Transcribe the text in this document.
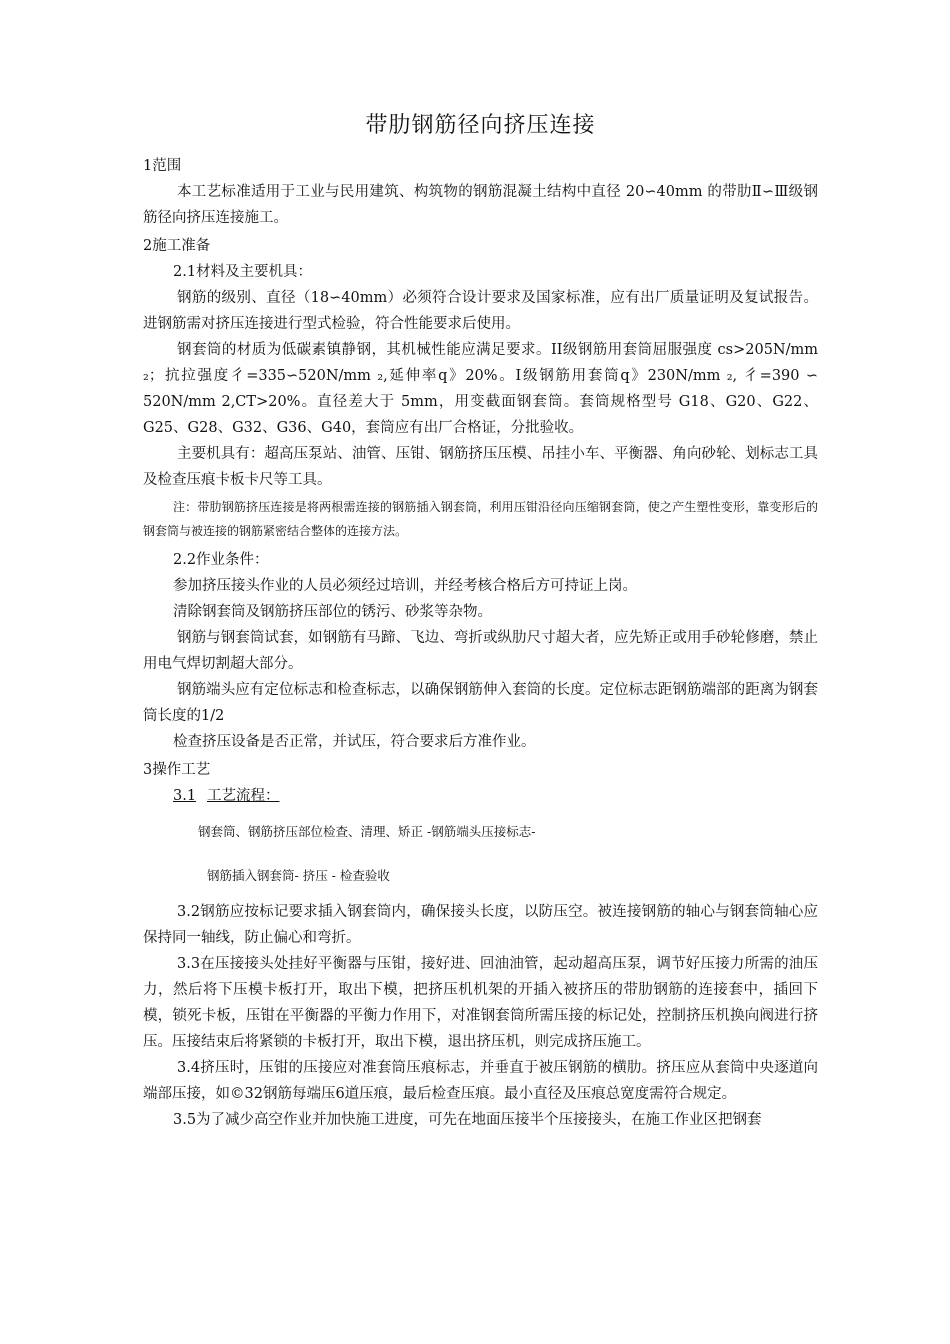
带肋钢筋径向挤压连接

1范围

本工艺标准适用于工业与民用建筑、构筑物的钢筋混凝土结构中直径 20∽40mm 的带肋Ⅱ∽Ⅲ级钢筋径向挤压连接施工。

2施工准备

2.1材料及主要机具：

钢筋的级别、直径（18∽40mm）必须符合设计要求及国家标准，应有出厂质量证明及复试报告。进钢筋需对挤压连接进行型式检验，符合性能要求后使用。

钢套筒的材质为低碳素镇静钢，其机械性能应满足要求。II级钢筋用套筒屈服强度 cs>205N/mm ₂；抗拉强度彳=335∽520N/mm ₂,延伸率q》20%。I级钢筋用套筒q》230N/mm ₂, 彳=390 ∽ 520N/mm 2,CT>20%。直径差大于 5mm，用变截面钢套筒。套筒规格型号 G18、G20、G22、G25、G28、G32、G36、G40，套筒应有出厂合格证，分批验收。

主要机具有：超高压泵站、油管、压钳、钢筋挤压压模、吊挂小车、平衡器、角向砂轮、划标志工具及检查压痕卡板卡尺等工具。

注：带肋钢筋挤压连接是将两根需连接的钢筋插入钢套筒，利用压钳沿径向压缩钢套筒，使之产生塑性变形，靠变形后的钢套筒与被连接的钢筋紧密结合整体的连接方法。

2.2作业条件：

参加挤压接头作业的人员必须经过培训，并经考核合格后方可持证上岗。

清除钢套筒及钢筋挤压部位的锈污、砂浆等杂物。

钢筋与钢套筒试套，如钢筋有马蹄、飞边、弯折或纵肋尺寸超大者，应先矫正或用手砂轮修磨，禁止用电气焊切割超大部分。

钢筋端头应有定位标志和检查标志，以确保钢筋伸入套筒的长度。定位标志距钢筋端部的距离为钢套筒长度的1/2

检查挤压设备是否正常，并试压，符合要求后方准作业。

3操作工艺

3.1 工艺流程：

钢套筒、钢筋挤压部位检查、清理、矫正 -钢筋端头压接标志-

钢筋插入钢套筒- 挤压 - 检查验收

3.2钢筋应按标记要求插入钢套筒内，确保接头长度，以防压空。被连接钢筋的轴心与钢套筒轴心应保持同一轴线，防止偏心和弯折。

3.3在压接接头处挂好平衡器与压钳，接好进、回油油管，起动超高压泵，调节好压接力所需的油压力，然后将下压模卡板打开，取出下模，把挤压机机架的开插入被挤压的带肋钢筋的连接套中，插回下模，锁死卡板，压钳在平衡器的平衡力作用下，对准钢套筒所需压接的标记处，控制挤压机换向阀进行挤压。压接结束后将紧锁的卡板打开，取出下模，退出挤压机，则完成挤压施工。

3.4挤压时，压钳的压接应对准套筒压痕标志，并垂直于被压钢筋的横肋。挤压应从套筒中央逐道向端部压接，如©32钢筋每端压6道压痕，最后检查压痕。最小直径及压痕总宽度需符合规定。

3.5为了减少高空作业并加快施工进度，可先在地面压接半个压接接头，在施工作业区把钢套
